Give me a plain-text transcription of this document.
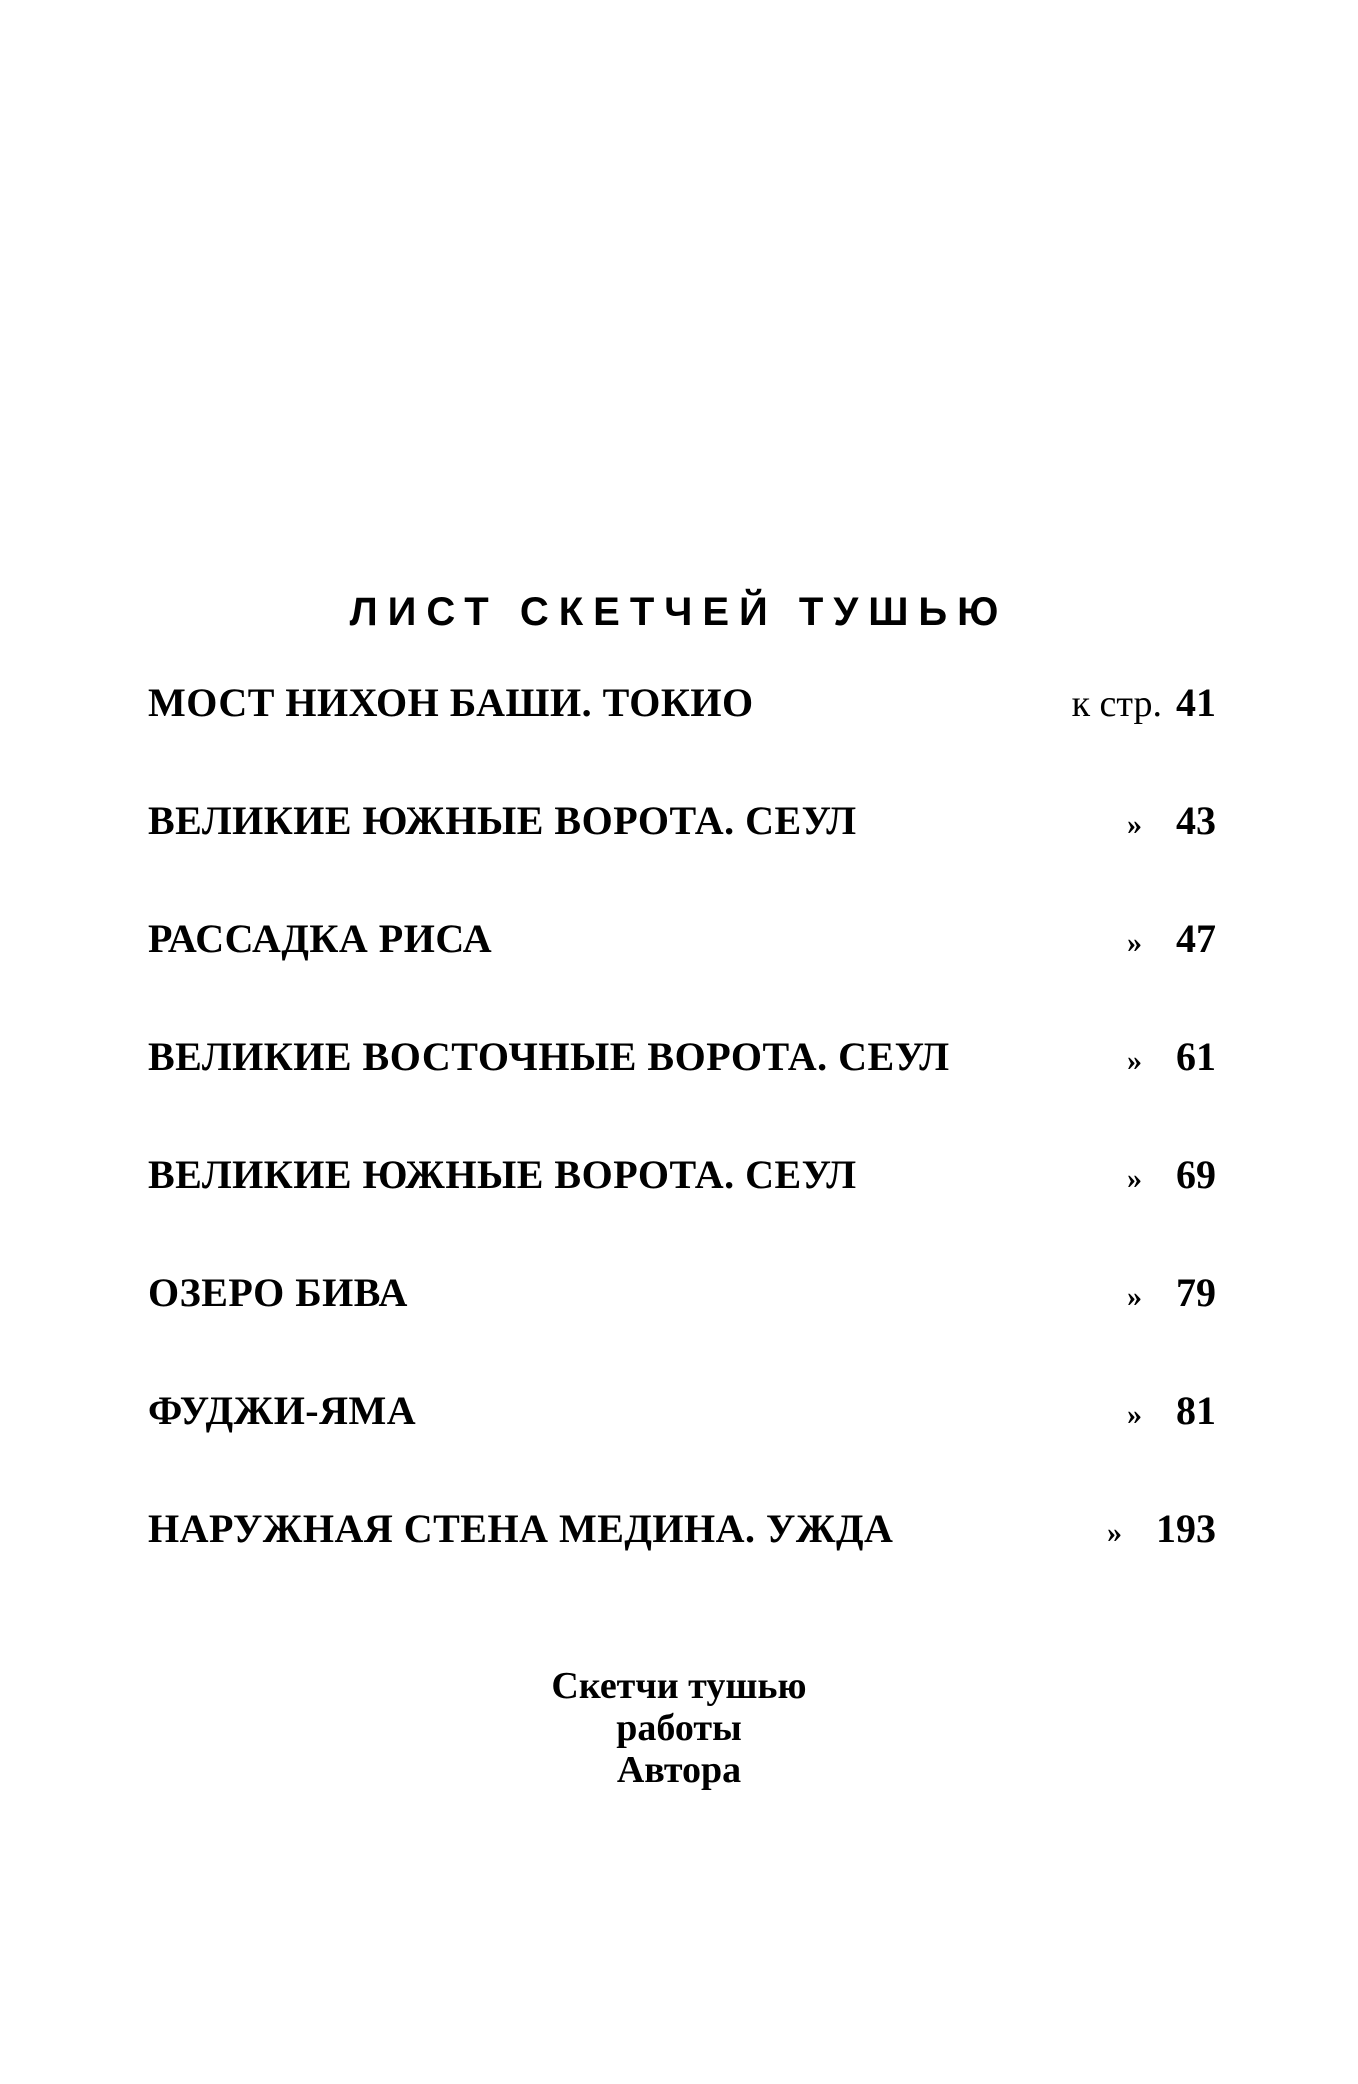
ЛИСТ СКЕТЧЕЙ ТУШЬЮ
МОСТ НИХОН БАШИ. ТОКИО	к стр. 41
ВЕЛИКИЕ ЮЖНЫЕ ВОРОТА. СЕУЛ	» 43
РАССАДКА РИСА	» 47
ВЕЛИКИЕ ВОСТОЧНЫЕ ВОРОТА. СЕУЛ	» 61
ВЕЛИКИЕ ЮЖНЫЕ ВОРОТА. СЕУЛ	» 69
ОЗЕРО БИВА	» 79
ФУДЖИ-ЯМА	» 81
НАРУЖНАЯ СТЕНА МЕДИНА. УЖДА	» 193
Скетчи тушью
работы
Автора
